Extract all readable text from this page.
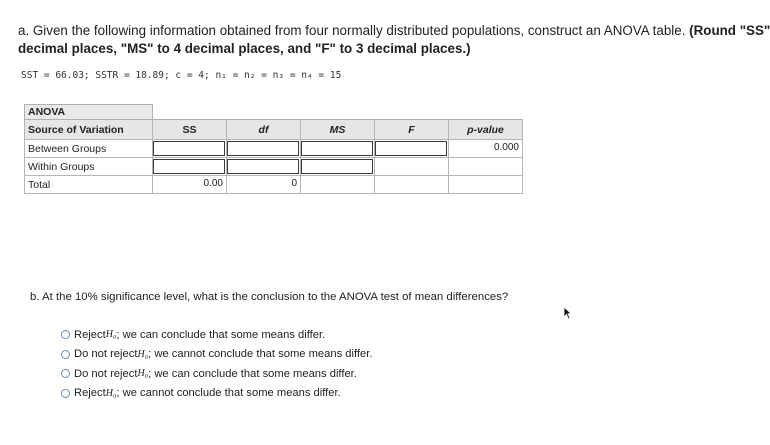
a. Given the following information obtained from four normally distributed populations, construct an ANOVA table. (Round "SS"
decimal places, "MS" to 4 decimal places, and "F" to 3 decimal places.)
SST = 66.03; SSTR = 18.89; c = 4; n₁ = n₂ = n₃ = n₄ = 15
ANOVA					
Source of Variation	SS	df	MS	F	p-value
Between Groups					0.000

Within Groups	

Total	0.00	0			

b. At the 10% significance level, what is the conclusion to the ANOVA test of mean differences?
Reject H₀ ; we can conclude that some means differ.
Do not reject H₀ ; we cannot conclude that some means differ.
Do not reject H₀ ; we can conclude that some means differ.
Reject H₀ ; we cannot conclude that some means differ.
